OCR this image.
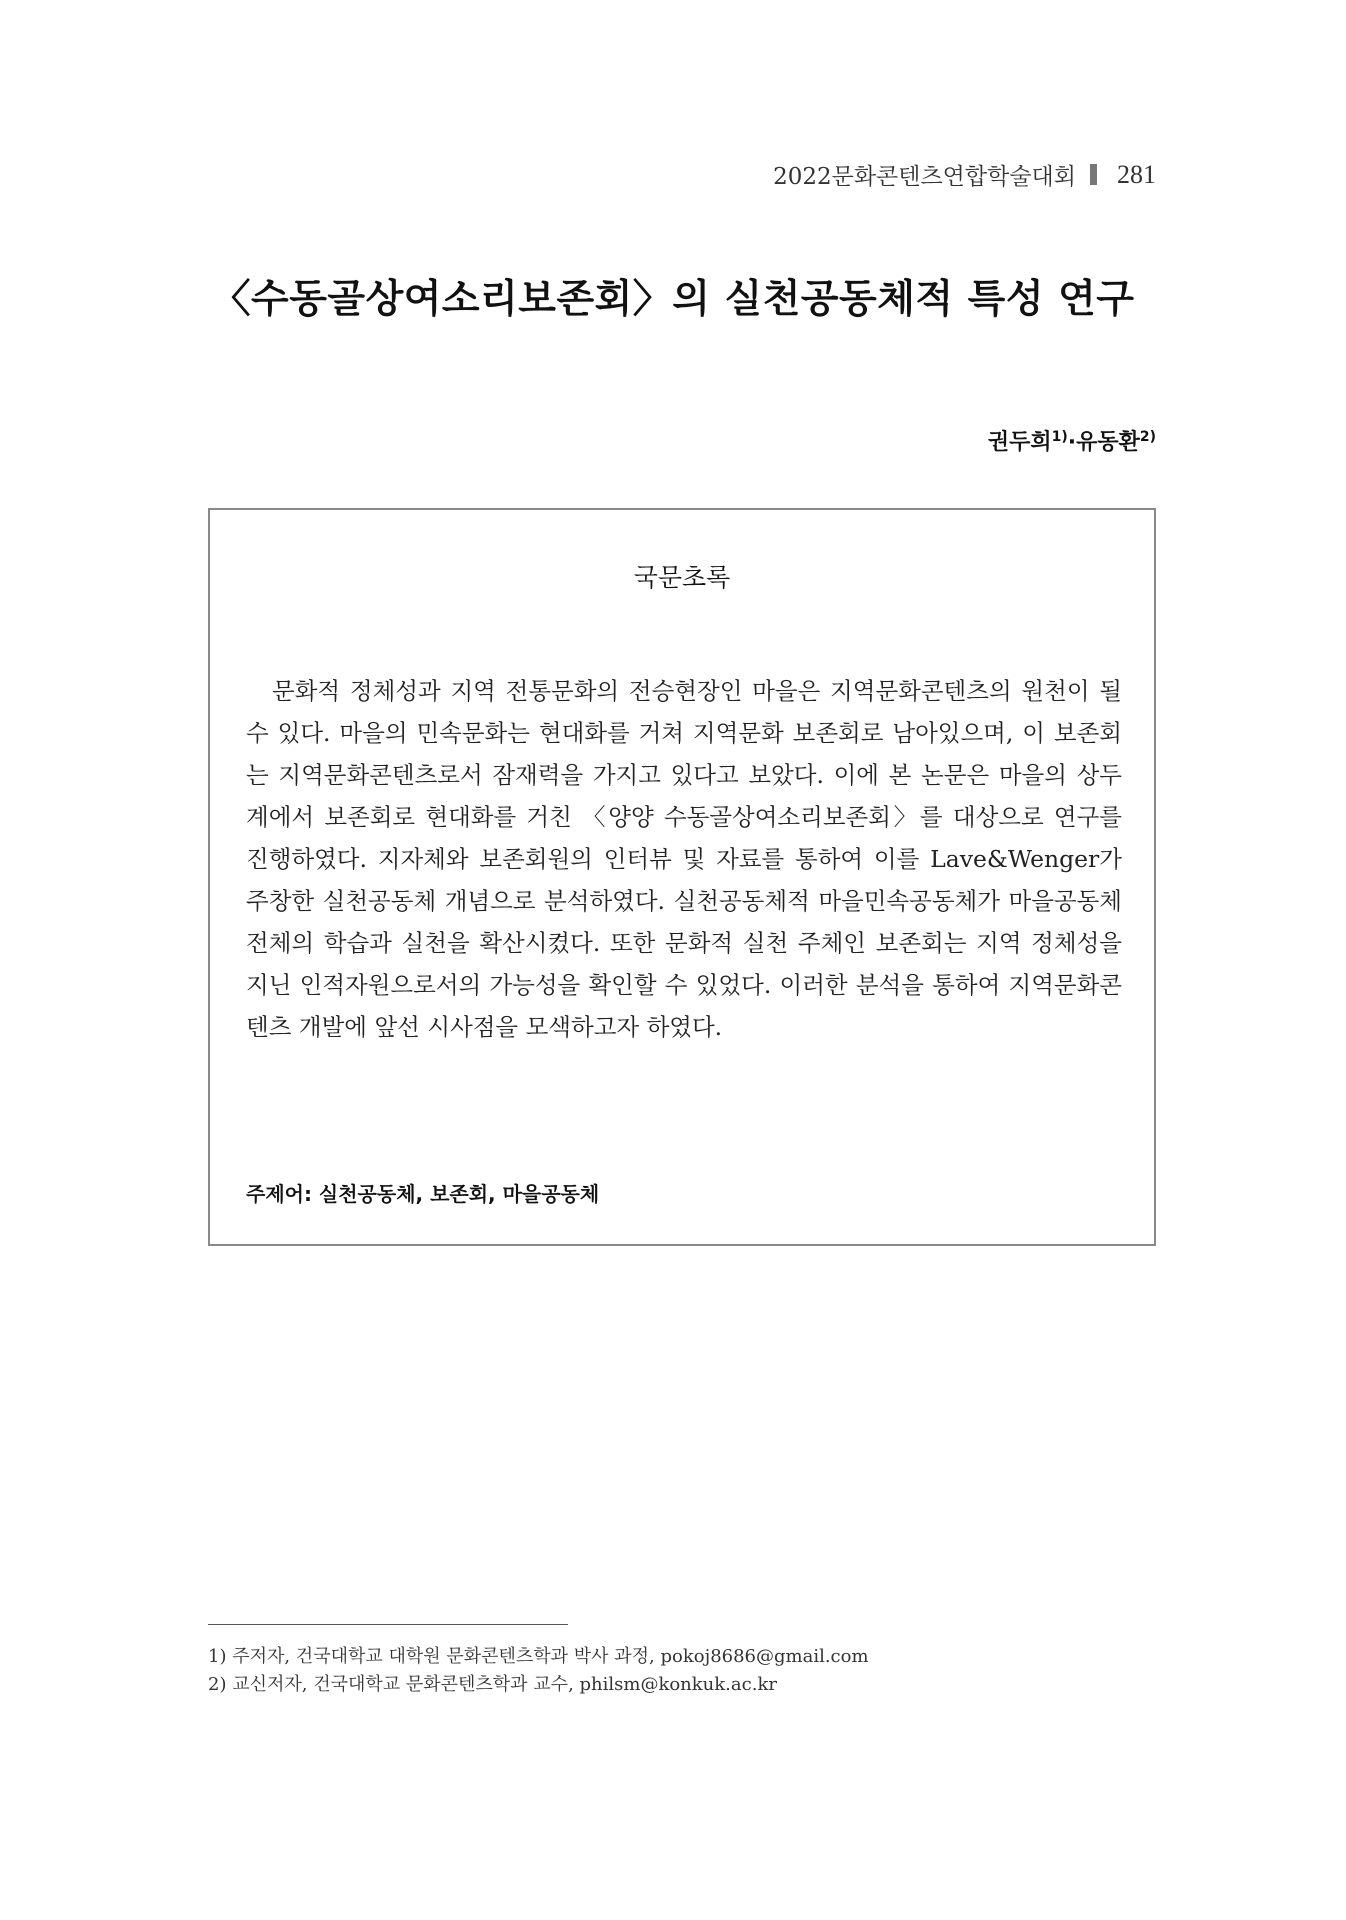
2022문화콘텐츠연합학술대회 281
〈수동골상여소리보존회〉의 실천공동체적 특성 연구
권두희$^{1)}$·유동환$^{2)}$
국문초록
문화적 정체성과 지역 전통문화의 전승현장인 마을은 지역문화콘텐츠의 원천이 될 수 있다. 마을의 민속문화는 현대화를 거쳐 지역문화 보존회로 남아있으며, 이 보존회는 지역문화콘텐츠로서 잠재력을 가지고 있다고 보았다. 이에 본 논문은 마을의 상두계에서 보존회로 현대화를 거친 〈양양 수동골상여소리보존회〉를 대상으로 연구를 진행하였다. 지자체와 보존회원의 인터뷰 및 자료를 통하여 이를 Lave&Wenger가 주창한 실천공동체 개념으로 분석하였다. 실천공동체적 마을민속공동체가 마을공동체 전체의 학습과 실천을 확산시켰다. 또한 문화적 실천 주체인 보존회는 지역 정체성을 지닌 인적자원으로서의 가능성을 확인할 수 있었다. 이러한 분석을 통하여 지역문화콘텐츠 개발에 앞선 시사점을 모색하고자 하였다.
주제어: 실천공동체, 보존회, 마을공동체
1) 주저자, 건국대학교 대학원 문화콘텐츠학과 박사 과정, pokoj8686@gmail.com
2) 교신저자, 건국대학교 문화콘텐츠학과 교수, philsm@konkuk.ac.kr
